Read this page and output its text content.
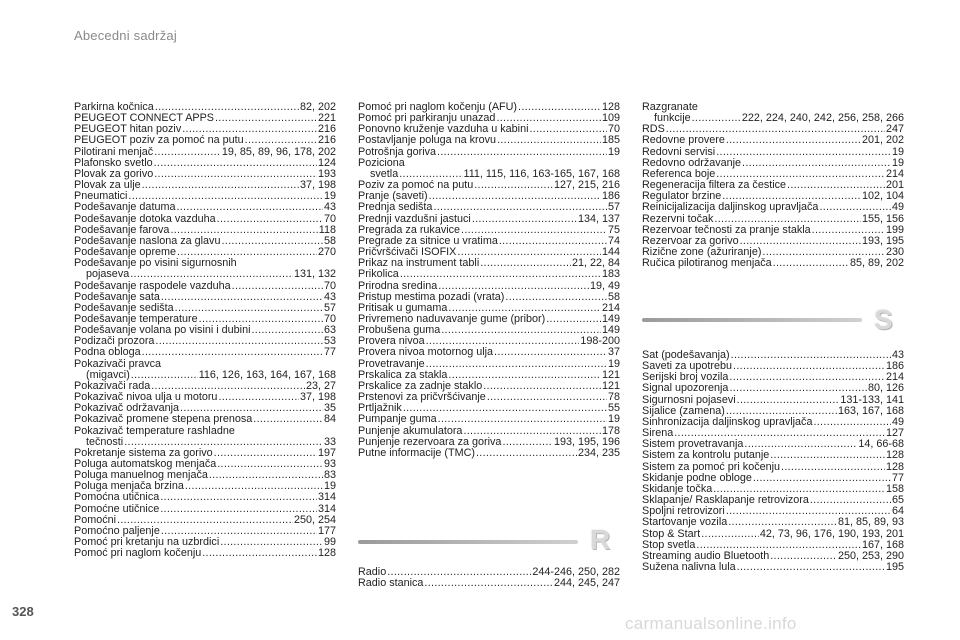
Abecedni sadržaj
Parkirna kočnica .....	82, 202
PEUGEOT CONNECT APPS .....	221
PEUGEOT hitan poziv .....	216
PEUGEOT poziv za pomoć na putu .....	216
Pilotirani menjač .....	19, 85, 89, 96, 178, 202
Plafonsko svetlo .....	124
Plovak za gorivo .....	193
Plovak za ulje .....	37, 198
Pneumatici .....	19
Podešavanje datuma .....	43
Podešavanje dotoka vazduha .....	70
Podešavanje farova .....	118
Podešavanje naslona za glavu .....	58
Podešavanje opreme .....	270
Podešavanje po visini sigurnosnih
pojaseva .....	131, 132
Podešavanje raspodele vazduha .....	70
Podešavanje sata .....	43
Podešavanje sedišta .....	57
Podešavanje temperature .....	70
Podešavanje volana po visini i dubini .....	63
Podizači prozora .....	53
Podna obloga .....	77
Pokazivači pravca
(migavci) .....	116, 126, 163, 164, 167, 168
Pokazivači rada .....	23, 27
Pokazivač nivoa ulja u motoru .....	37, 198
Pokazivač održavanja .....	35
Pokazivač promene stepena prenosa .....	84
Pokazivač temperature rashladne
tečnosti .....	33
Pokretanje sistema za gorivo .....	197
Poluga automatskog menjača .....	93
Poluga manuelnog menjača .....	83
Poluga menjača brzina .....	19
Pomoćna utičnica .....	314
Pomoćne utičnice .....	314
Pomoćni .....	250, 254
Pomoćno paljenje .....	177
Pomoć pri kretanju na uzbrdici .....	99
Pomoć pri naglom kočenju .....	128
Pomoć pri naglom kočenju (AFU) .....	128
Pomoć pri parkiranju unazad .....	109
Ponovno kruženje vazduha u kabini .....	70
Postavljanje poluga na krovu .....	185
Potrošnja goriva .....	19
Poziciona
svetla .....	111, 115, 116, 163-165, 167, 168
Poziv za pomoć na putu .....	127, 215, 216
Pranje (saveti) .....	186
Prednja sedišta .....	57
Prednji vazdušni jastuci .....	134, 137
Pregrada za rukavice .....	75
Pregrade za sitnice u vratima .....	74
Pričvršćivači ISOFIX .....	144
Prikaz na instrument tabli .....	21, 22, 84
Prikolica .....	183
Prirodna sredina .....	19, 49
Pristup mestima pozadi (vrata) .....	58
Pritisak u gumama .....	214
Privremeno naduvavanje gume (pribor) .....	149
Probušena guma .....	149
Provera nivoa .....	198-200
Provera nivoa motornog ulja .....	37
Provetravanje .....	19
Prskalica za stakla .....	121
Prskalice za zadnje staklo .....	121
Prstenovi za pričvršćivanje .....	78
Prtljažnik .....	55
Pumpanje guma .....	19
Punjenje akumulatora .....	178
Punjenje rezervoara za goriva .....	193, 195, 196
Putne informacije (TMC) .....	234, 235
Razgranate
funkcije .....	222, 224, 240, 242, 256, 258, 266
RDS .....	247
Redovne provere .....	201, 202
Redovni servisi .....	19
Redovno održavanje .....	19
Referenca boje .....	214
Regeneracija filtera za čestice .....	201
Regulator brzine .....	102, 104
Reinicijalizacija daljinskog upravljača .....	49
Rezervni točak .....	155, 156
Rezervoar tečnosti za pranje stakla .....	199
Rezervoar za gorivo .....	193, 195
Rizične zone (ažuriranje) .....	230
Ručica pilotiranog menjača .....	85, 89, 202
S
Sat (podešavanja) .....	43
Saveti za upotrebu .....	186
Serijski broj vozila .....	214
Signal upozorenja .....	80, 126
Sigurnosni pojasevi .....	131-133, 141
Sijalice (zamena) .....	163, 167, 168
Sinhronizacija daljinskog upravljača .....	49
Sirena .....	127
Sistem provetravanja .....	14, 66-68
Sistem za kontrolu putanje .....	128
Sistem za pomoć pri kočenju .....	128
Skidanje podne obloge .....	77
Skidanje točka .....	158
Sklapanje/ Rasklapanje retrovizora .....	65
Spoljni retrovizori .....	64
Startovanje vozila .....	81, 85, 89, 93
Stop & Start .....	42, 73, 96, 176, 190, 193, 201
Stop svetla .....	167, 168
Streaming audio Bluetooth .....	250, 253, 290
Sužena nalivna lula .....	195
R
Radio .....	244-246, 250, 282
Radio stanica .....	244, 245, 247
328
carmanualsonline.info
